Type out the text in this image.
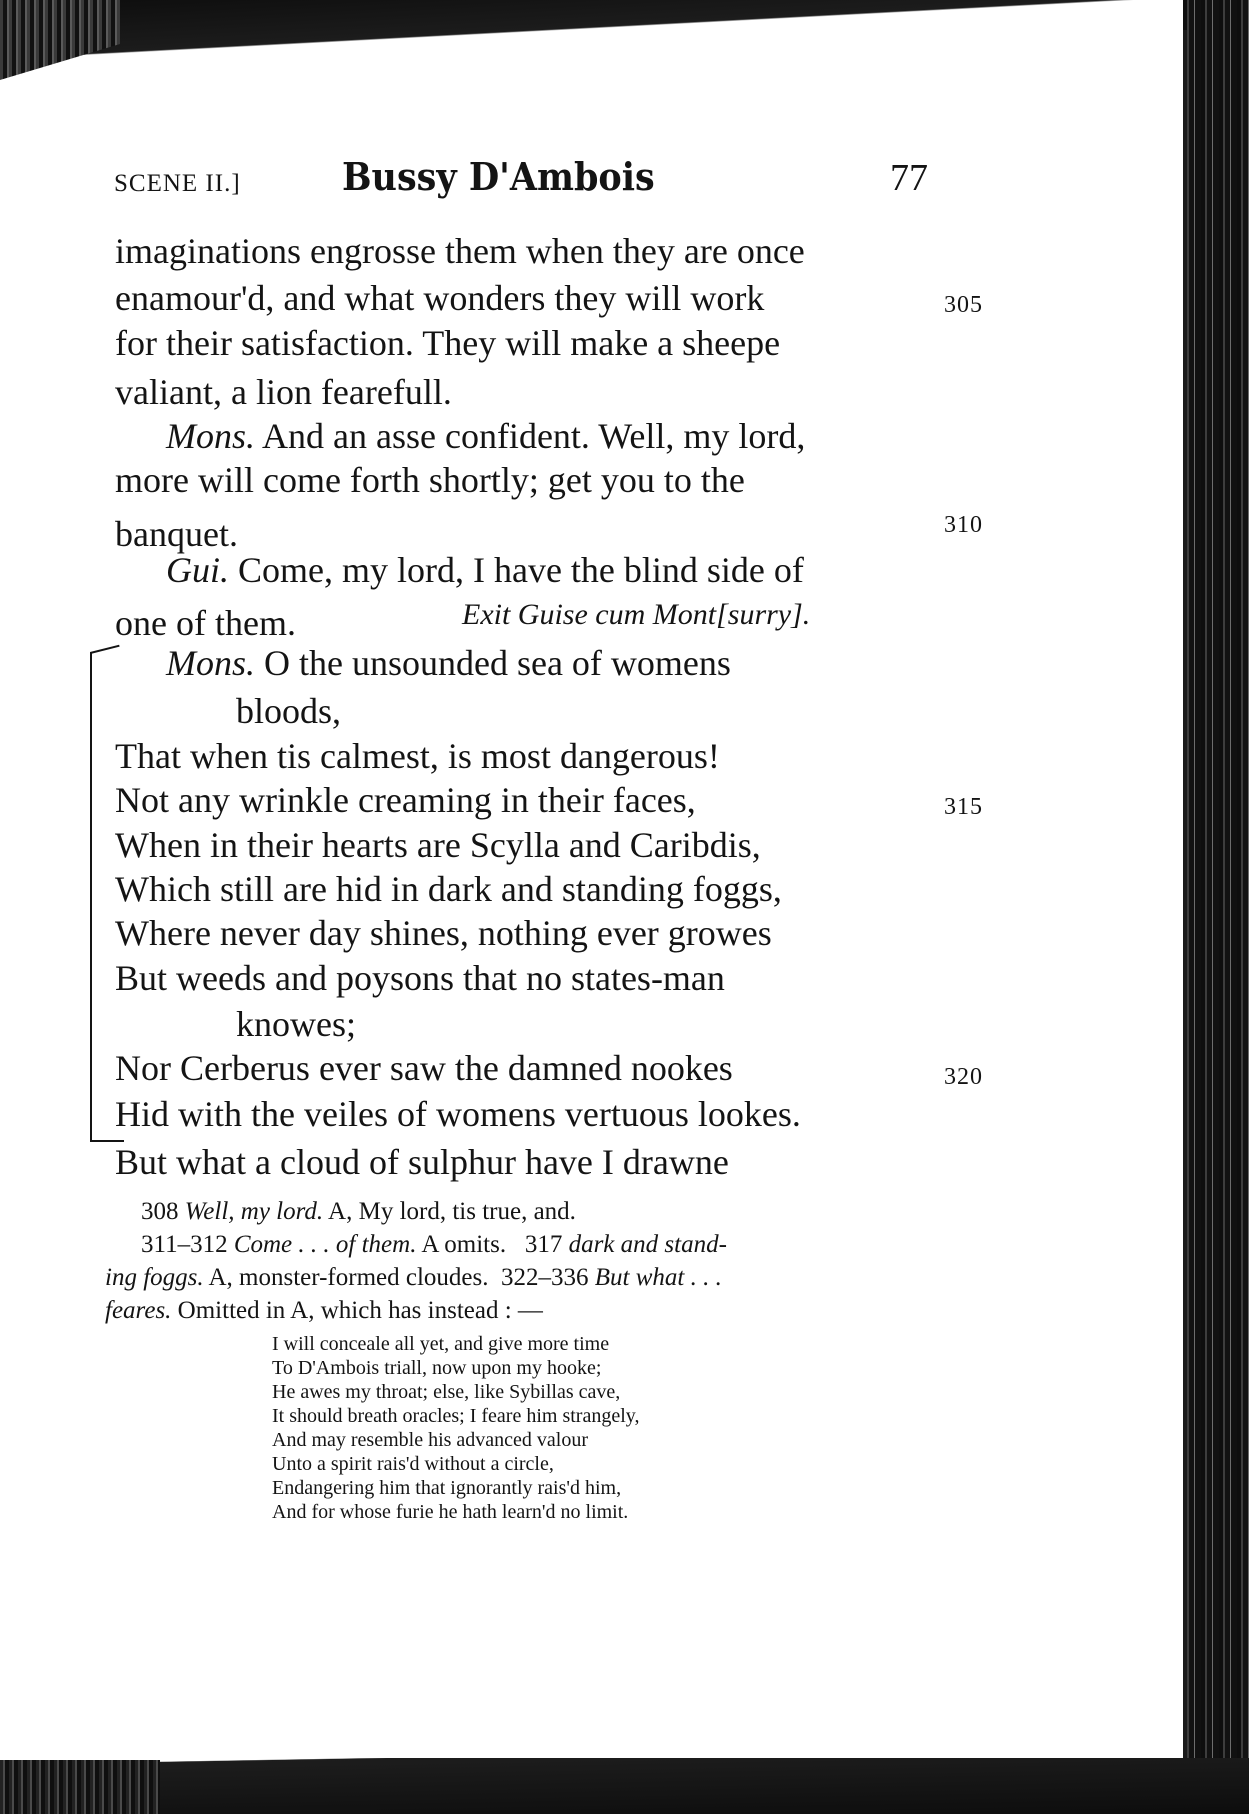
SCENE II.]	Bussy D'Ambois	77
imaginations engrosse them when they are once
enamour'd, and what wonders they will work
for their satisfaction. They will make a sheepe
valiant, a lion fearefull.
Mons. And an asse confident. Well, my lord,
more will come forth shortly; get you to the
banquet.
Gui. Come, my lord, I have the blind side of
one of them.	Exit Guise cum Mont[surry].
Mons. O the unsounded sea of womens
bloods,
That when tis calmest, is most dangerous!
Not any wrinkle creaming in their faces,
When in their hearts are Scylla and Caribdis,
Which still are hid in dark and standing foggs,
Where never day shines, nothing ever growes
But weeds and poysons that no states-man
knowes;
Nor Cerberus ever saw the damned nookes
Hid with the veiles of womens vertuous lookes.
But what a cloud of sulphur have I drawne
305
310
315
320
308 Well, my lord. A, My lord, tis true, and.
311–312 Come . . . of them. A omits. 317 dark and stand-
ing foggs. A, monster-formed cloudes. 322–336 But what . . .
feares. Omitted in A, which has instead : —
I will conceale all yet, and give more time
To D'Ambois triall, now upon my hooke;
He awes my throat; else, like Sybillas cave,
It should breath oracles; I feare him strangely,
And may resemble his advanced valour
Unto a spirit rais'd without a circle,
Endangering him that ignorantly rais'd him,
And for whose furie he hath learn'd no limit.
